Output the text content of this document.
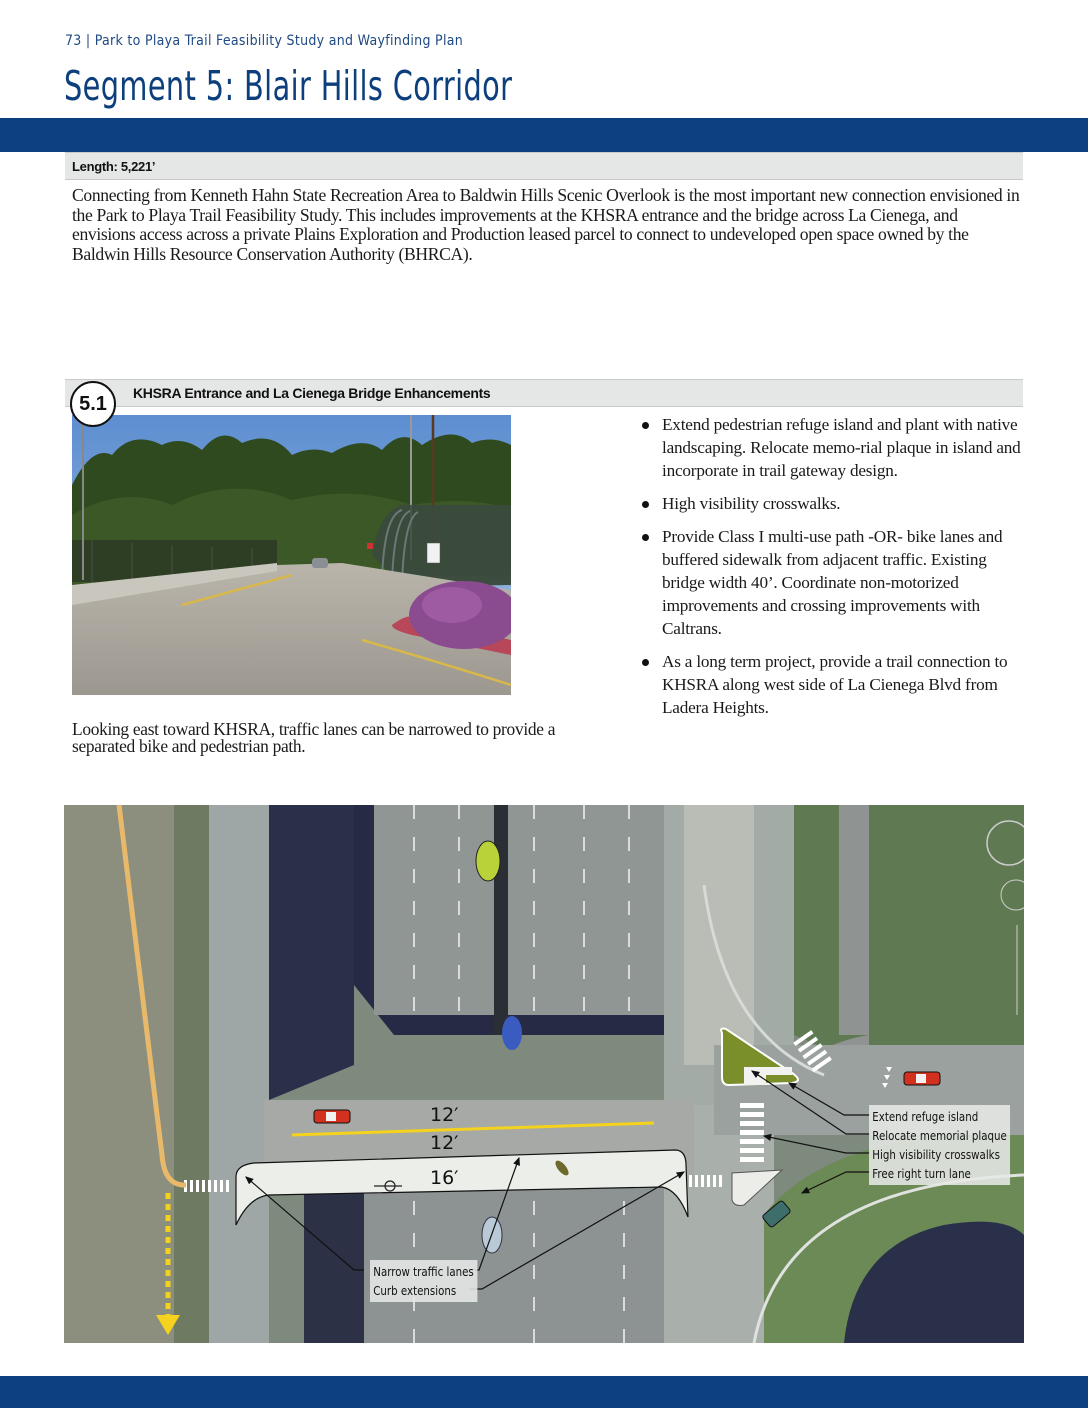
73 | Park to Playa Trail Feasibility Study and Wayfinding Plan
Segment 5: Blair Hills Corridor
Length: 5,221’

Connecting from Kenneth Hahn State Recreation Area to Baldwin Hills Scenic Overlook is the most important new connection envisioned in the Park to Playa Trail Feasibility Study. This includes improvements at the KHSRA entrance and the bridge across La Cienega, and envisions access across a private Plains Exploration and Production leased parcel to connect to undeveloped open space owned by the Baldwin Hills Resource Conservation Authority (BHRCA).

KHSRA Entrance and La Cienega Bridge Enhancements
5.1

Looking east toward KHSRA, traffic lanes can be narrowed to provide a separated bike and pedestrian path.

Extend pedestrian refuge island and plant with native landscaping. Relocate memo-rial plaque in island and incorporate in trail gateway design.
High visibility crosswalks.
Provide Class I multi-use path -OR- bike lanes and buffered sidewalk from adjacent traffic. Existing bridge width 40’. Coordinate non-motorized improvements and crossing improvements with Caltrans.
As a long term project, provide a trail connection to KHSRA along west side of La Cienega Blvd from Ladera Heights.
12′
12′
16′
Extend refuge island
Relocate memorial plaque
High visibility crosswalks
Free right turn lane
Narrow traffic lanes
Curb extensions
